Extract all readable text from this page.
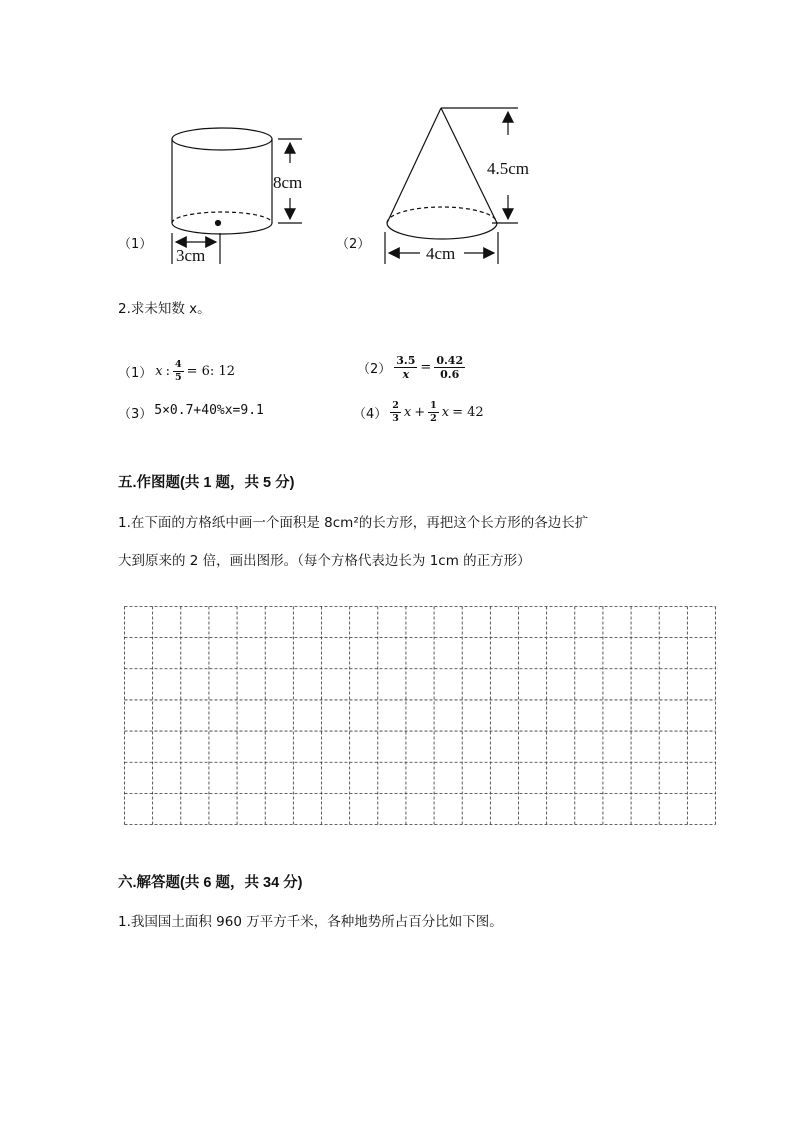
（1）
8cm
3cm
（2）
4.5cm
4cm
2.求未知数 x。
（1） x : $\frac{4}{5} = 6$: 12	$(2) \frac{3.5}{x} = \frac{0.42}{0.6}$
（3） 5×0.7+40%x=9.1	$(4) \frac{2}{3}$ $x + \frac{1}{2}$ x = 42
五.作图题(共 1 题，共 5 分)
1.在下面的方格纸中画一个面积是 8cm²的长方形，再把这个长方形的各边长扩
大到原来的 2 倍，画出图形。（每个方格代表边长为 1cm 的正方形）
六.解答题(共 6 题，共 34 分)
1.我国国土面积 960 万平方千米，各种地势所占百分比如下图。
